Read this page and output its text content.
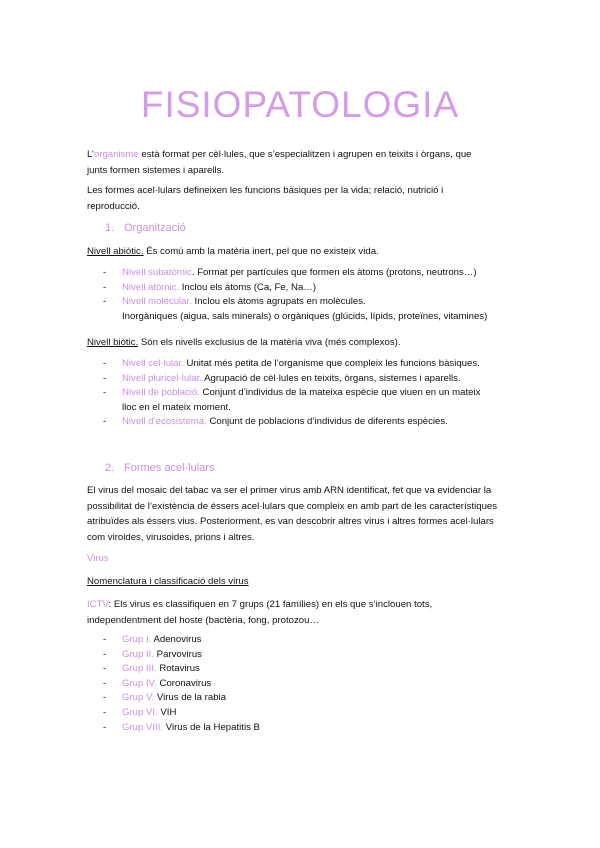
FISIOPATOLOGIA
L’organisme està format per cèl·lules, que s’especialitzen i agrupen en teixits i òrgans, que
junts formen sistemes i aparells.
Les formes acel·lulars defineixen les funcions bàsiques per la vida; relació, nutrició i
reproducció.
1. Organització
Nivell abiòtic. És comú amb la matèria inert, pel que no existeix vida.
- Nivell subatòmic. Format per partícules que formen els àtoms (protons, neutrons…)
- Nivell atòmic. Inclou els àtoms (Ca, Fe, Na…)
- Nivell molecular. Inclou els àtoms agrupats en molècules.
Inorgàniques (aigua, sals minerals) o orgàniques (glúcids, lípids, proteïnes, vitamines)
Nivell biòtic. Són els nivells exclusius de la matèria viva (més complexos).
- Nivell cel·lular. Unitat més petita de l’organisme que compleix les funcions bàsiques.
- Nivell pluricel·lular. Agrupació de cèl·lules en teixits, òrgans, sistemes i aparells.
- Nivell de població. Conjunt d’individus de la mateixa espècie que viuen en un mateix
lloc en el mateix moment.
- Nivell d’ecosistema. Conjunt de poblacions d’individus de diferents espècies.
2. Formes acel·lulars
El virus del mosaic del tabac va ser el primer virus amb ARN identificat, fet que va evidenciar la
possibilitat de l’existència de éssers acel·lulars que compleix en amb part de les característiques
atribuïdes als éssers vius. Posteriorment, es van descobrir altres virus i altres formes acel·lulars
com viroides, virusoides, prions i altres.
Virus
Nomenclatura i classificació dels virus
ICTV: Els virus es classifiquen en 7 grups (21 famílies) en els que s’inclouen tots,
independentment del hoste (bactèria, fong, protozou…
- Grup I. Adenovirus
- Grup II. Parvovirus
- Grup III. Rotavirus
- Grup IV. Coronavirus
- Grup V. Virus de la rabia
- Grup VI. VIH
- Grup VIII. Virus de la Hepatitis B
